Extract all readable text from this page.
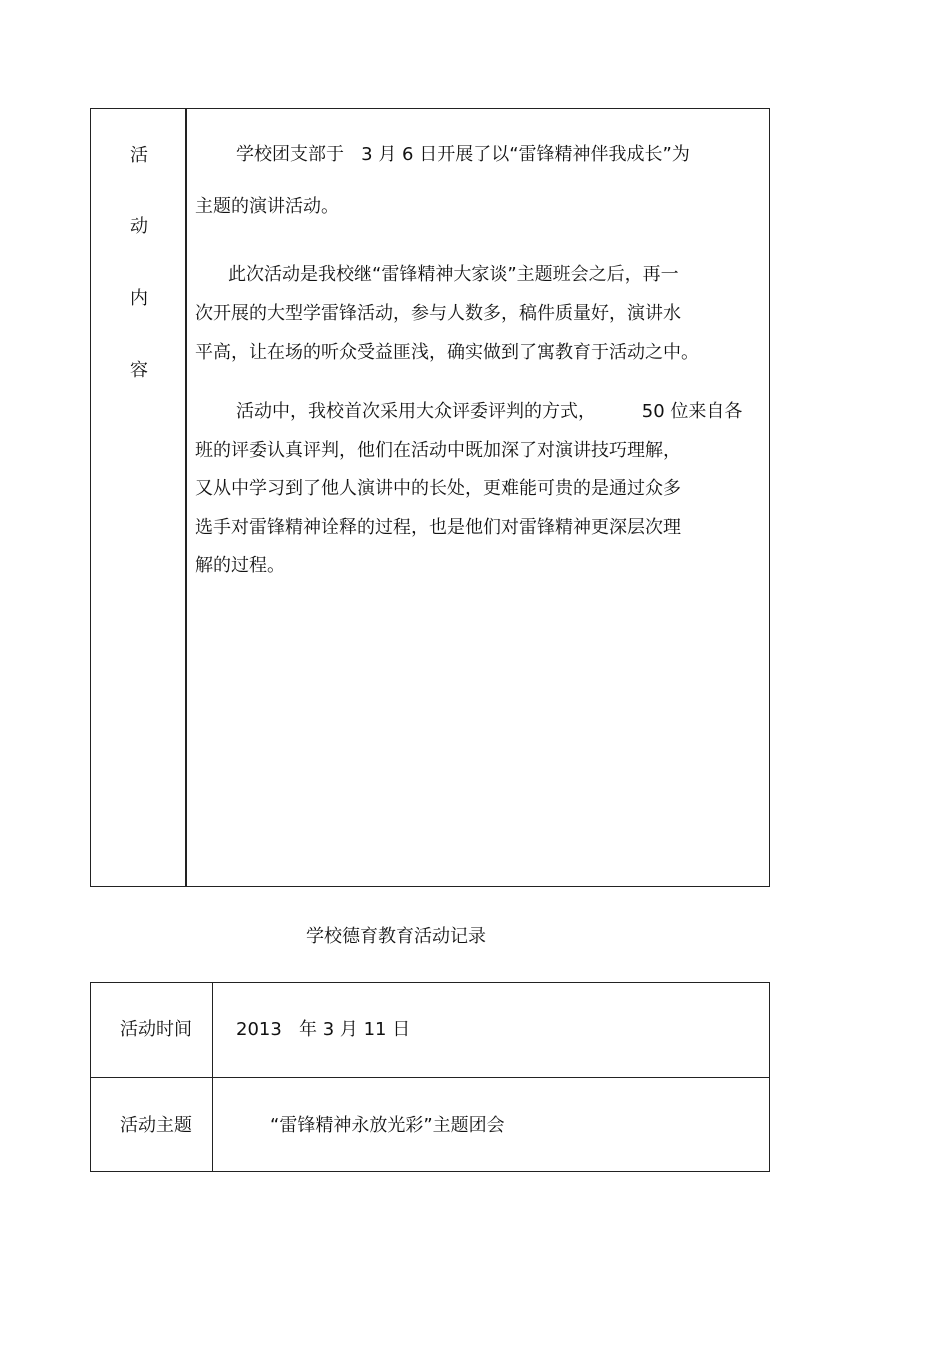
活
动
内
容
学校团支部于   3 月 6 日开展了以“雷锋精神伴我成长”为
主题的演讲活动。
此次活动是我校继“雷锋精神大家谈”主题班会之后，再一
次开展的大型学雷锋活动，参与人数多，稿件质量好，演讲水
平高，让在场的听众受益匪浅，确实做到了寓教育于活动之中。
活动中，我校首次采用大众评委评判的方式，        50 位来自各
班的评委认真评判，他们在活动中既加深了对演讲技巧理解，
又从中学习到了他人演讲中的长处，更难能可贵的是通过众多
选手对雷锋精神诠释的过程，也是他们对雷锋精神更深层次理
解的过程。
学校德育教育活动记录
活动时间 2013   年 3 月 11 日
活动主题	“雷锋精神永放光彩”主题团会
